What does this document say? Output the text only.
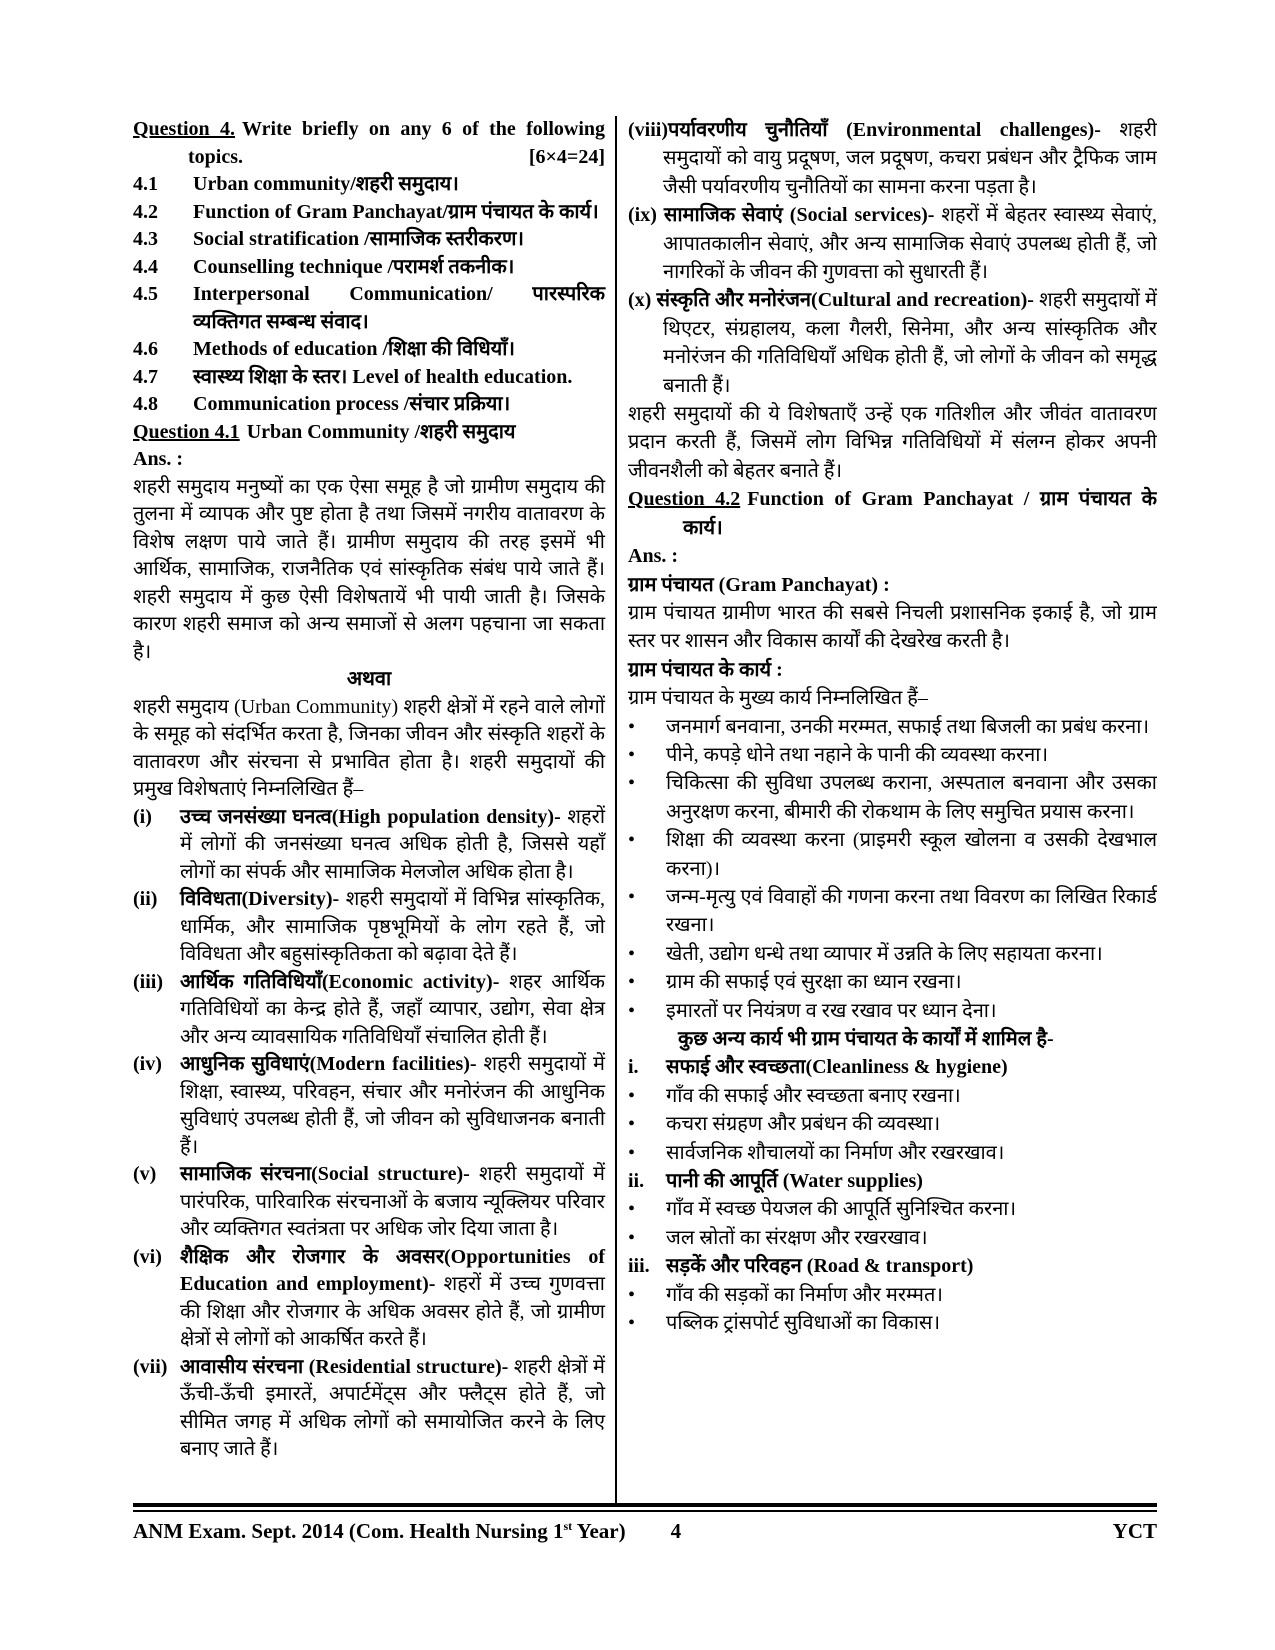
Question 4. Write briefly on any 6 of the following topics.	[6×4=24]
4.1	Urban community/शहरी समुदाय।
4.2	Function of Gram Panchayat/ग्राम पंचायत के कार्य।
4.3	Social stratification /सामाजिक स्तरीकरण।
4.4	Counselling technique /परामर्श तकनीक।
4.5	Interpersonal Communication/ पारस्परिक व्यक्तिगत सम्बन्ध संवाद।
4.6	Methods of education /शिक्षा की विधियाँ।
4.7	स्वास्थ्य शिक्षा के स्तर। Level of health education.
4.8	Communication process /संचार प्रक्रिया।
Question 4.1 Urban Community /शहरी समुदाय
Ans. :

शहरी समुदाय मनुष्यों का एक ऐसा समूह है जो ग्रामीण समुदाय की तुलना में व्यापक और पुष्ट होता है तथा जिसमें नगरीय वातावरण के विशेष लक्षण पाये जाते हैं। ग्रामीण समुदाय की तरह इसमें भी आर्थिक, सामाजिक, राजनैतिक एवं सांस्कृतिक संबंध पाये जाते हैं। शहरी समुदाय में कुछ ऐसी विशेषतायें भी पायी जाती है। जिसके कारण शहरी समाज को अन्य समाजों से अलग पहचाना जा सकता है।

अथवा

शहरी समुदाय (Urban Community) शहरी क्षेत्रों में रहने वाले लोगों के समूह को संदर्भित करता है, जिनका जीवन और संस्कृति शहरों के वातावरण और संरचना से प्रभावित होता है। शहरी समुदायों की प्रमुख विशेषताएं निम्नलिखित हैं–

(i)	उच्च जनसंख्या घनत्व(High population density)- शहरों में लोगों की जनसंख्या घनत्व अधिक होती है, जिससे यहाँ लोगों का संपर्क और सामाजिक मेलजोल अधिक होता है।
(ii)	विविधता(Diversity)- शहरी समुदायों में विभिन्न सांस्कृतिक, धार्मिक, और सामाजिक पृष्ठभूमियों के लोग रहते हैं, जो विविधता और बहुसांस्कृतिकता को बढ़ावा देते हैं।
(iii) आर्थिक गतिविधियाँ(Economic activity)- शहर आर्थिक गतिविधियों का केन्द्र होते हैं, जहाँ व्यापार, उद्योग, सेवा क्षेत्र और अन्य व्यावसायिक गतिविधियाँ संचालित होती हैं।
(iv) आधुनिक सुविधाएं(Modern facilities)- शहरी समुदायों में शिक्षा, स्वास्थ्य, परिवहन, संचार और मनोरंजन की आधुनिक सुविधाएं उपलब्ध होती हैं, जो जीवन को सुविधाजनक बनाती हैं।
(v)	सामाजिक संरचना(Social structure)- शहरी समुदायों में पारंपरिक, पारिवारिक संरचनाओं के बजाय न्यूक्लियर परिवार और व्यक्तिगत स्वतंत्रता पर अधिक जोर दिया जाता है।
(vi) शैक्षिक और रोजगार के अवसर(Opportunities of Education and employment)- शहरों में उच्च गुणवत्ता की शिक्षा और रोजगार के अधिक अवसर होते हैं, जो ग्रामीण क्षेत्रों से लोगों को आकर्षित करते हैं।
(vii) आवासीय संरचना (Residential structure)- शहरी क्षेत्रों में ऊँची-ऊँची इमारतें, अपार्टमेंट्स और फ्लैट्स होते हैं, जो सीमित जगह में अधिक लोगों को समायोजित करने के लिए बनाए जाते हैं।

(viii)पर्यावरणीय चुनौतियाँ (Environmental challenges)- शहरी समुदायों को वायु प्रदूषण, जल प्रदूषण, कचरा प्रबंधन और ट्रैफिक जाम जैसी पर्यावरणीय चुनौतियों का सामना करना पड़ता है।

(ix) सामाजिक सेवाएं (Social services)- शहरों में बेहतर स्वास्थ्य सेवाएं, आपातकालीन सेवाएं, और अन्य सामाजिक सेवाएं उपलब्ध होती हैं, जो नागरिकों के जीवन की गुणवत्ता को सुधारती हैं।

(x) संस्कृति और मनोरंजन(Cultural and recreation)- शहरी समुदायों में थिएटर, संग्रहालय, कला गैलरी, सिनेमा, और अन्य सांस्कृतिक और मनोरंजन की गतिविधियाँ अधिक होती हैं, जो लोगों के जीवन को समृद्ध बनाती हैं।

शहरी समुदायों की ये विशेषताएँ उन्हें एक गतिशील और जीवंत वातावरण प्रदान करती हैं, जिसमें लोग विभिन्न गतिविधियों में संलग्न होकर अपनी जीवनशैली को बेहतर बनाते हैं।

Question 4.2 Function of Gram Panchayat / ग्राम पंचायत के कार्य।
Ans. :
ग्राम पंचायत (Gram Panchayat) :

ग्राम पंचायत ग्रामीण भारत की सबसे निचली प्रशासनिक इकाई है, जो ग्राम स्तर पर शासन और विकास कार्यों की देखरेख करती है।

ग्राम पंचायत के कार्य :

ग्राम पंचायत के मुख्य कार्य निम्नलिखित हैं–

•	जनमार्ग बनवाना, उनकी मरम्मत, सफाई तथा बिजली का प्रबंध करना।
•	पीने, कपड़े धोने तथा नहाने के पानी की व्यवस्था करना।
•	चिकित्सा की सुविधा उपलब्ध कराना, अस्पताल बनवाना और उसका अनुरक्षण करना, बीमारी की रोकथाम के लिए समुचित प्रयास करना।
•	शिक्षा की व्यवस्था करना (प्राइमरी स्कूल खोलना व उसकी देखभाल करना)।
•	जन्म-मृत्यु एवं विवाहों की गणना करना तथा विवरण का लिखित रिकार्ड रखना।
•	खेती, उद्योग धन्धे तथा व्यापार में उन्नति के लिए सहायता करना।
•	ग्राम की सफाई एवं सुरक्षा का ध्यान रखना।
•	इमारतों पर नियंत्रण व रख रखाव पर ध्यान देना।
कुछ अन्य कार्य भी ग्राम पंचायत के कार्यों में शामिल है-
i.	सफाई और स्वच्छता(Cleanliness & hygiene)
•	गाँव की सफाई और स्वच्छता बनाए रखना।
•	कचरा संग्रहण और प्रबंधन की व्यवस्था।
•	सार्वजनिक शौचालयों का निर्माण और रखरखाव।
ii.	पानी की आपूर्ति (Water supplies)
•	गाँव में स्वच्छ पेयजल की आपूर्ति सुनिश्चित करना।
•	जल स्रोतों का संरक्षण और रखरखाव।
iii. सड़कें और परिवहन (Road & transport)
•	गाँव की सड़कों का निर्माण और मरम्मत।
•	पब्लिक ट्रांसपोर्ट सुविधाओं का विकास।
ANM Exam. Sept. 2014 (Com. Health Nursing 1st Year) 4	YCT
